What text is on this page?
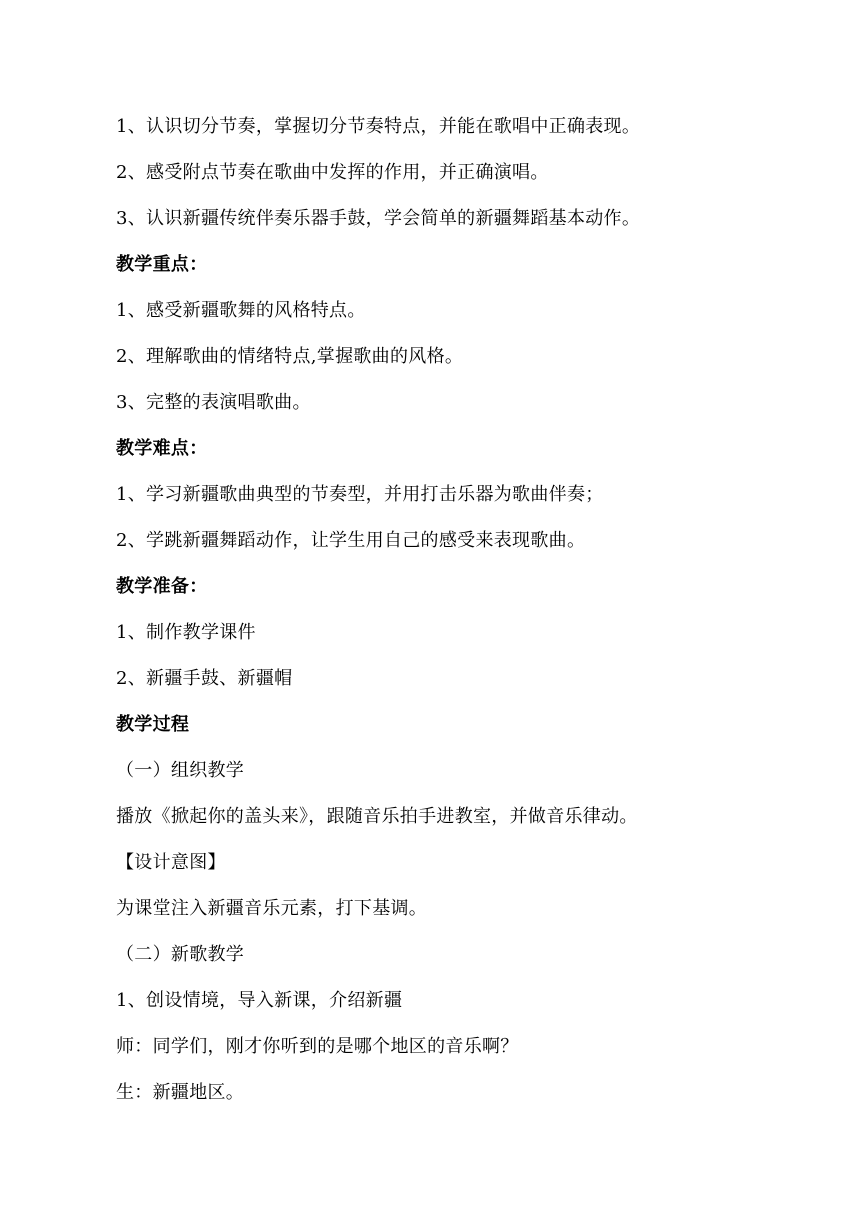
1、认识切分节奏，掌握切分节奏特点，并能在歌唱中正确表现。
2、感受附点节奏在歌曲中发挥的作用，并正确演唱。
3、认识新疆传统伴奏乐器手鼓，学会简单的新疆舞蹈基本动作。
教学重点：
1、感受新疆歌舞的风格特点。
2、理解歌曲的情绪特点,掌握歌曲的风格。
3、完整的表演唱歌曲。
教学难点：
1、学习新疆歌曲典型的节奏型，并用打击乐器为歌曲伴奏；
2、学跳新疆舞蹈动作，让学生用自己的感受来表现歌曲。
教学准备：
1、制作教学课件
2、新疆手鼓、新疆帽
教学过程
（一）组织教学
播放《掀起你的盖头来》，跟随音乐拍手进教室，并做音乐律动。
【设计意图】
为课堂注入新疆音乐元素，打下基调。
（二）新歌教学
1、创设情境，导入新课，介绍新疆
师：同学们，刚才你听到的是哪个地区的音乐啊？
生：新疆地区。
